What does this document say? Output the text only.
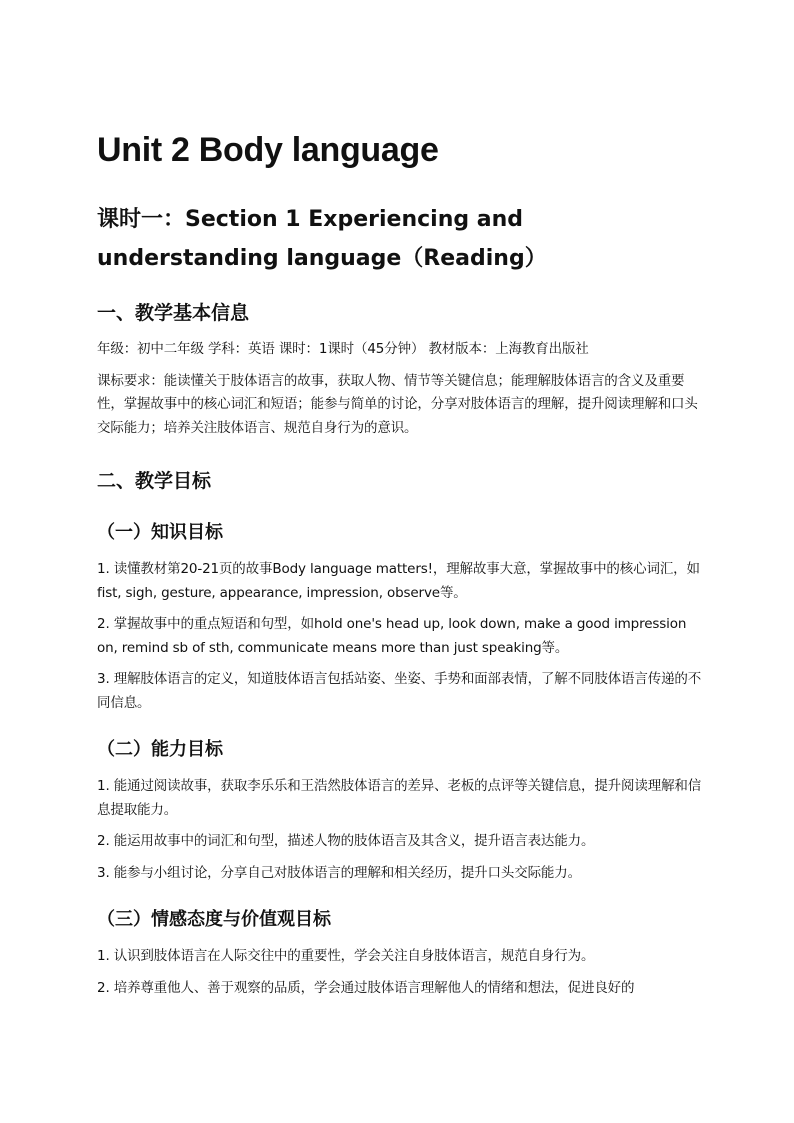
Unit 2 Body language
课时一：Section 1 Experiencing and understanding language（Reading）
一、教学基本信息
年级：初中二年级 学科：英语 课时：1课时（45分钟） 教材版本：上海教育出版社
课标要求：能读懂关于肢体语言的故事，获取人物、情节等关键信息；能理解肢体语言的含义及重要性，掌握故事中的核心词汇和短语；能参与简单的讨论，分享对肢体语言的理解，提升阅读理解和口头交际能力；培养关注肢体语言、规范自身行为的意识。
二、教学目标
（一）知识目标
1. 读懂教材第20-21页的故事Body language matters!，理解故事大意，掌握故事中的核心词汇，如fist, sigh, gesture, appearance, impression, observe等。
2. 掌握故事中的重点短语和句型，如hold one's head up, look down, make a good impression on, remind sb of sth, communicate means more than just speaking等。
3. 理解肢体语言的定义，知道肢体语言包括站姿、坐姿、手势和面部表情，了解不同肢体语言传递的不同信息。
（二）能力目标
1. 能通过阅读故事，获取李乐乐和王浩然肢体语言的差异、老板的点评等关键信息，提升阅读理解和信息提取能力。
2. 能运用故事中的词汇和句型，描述人物的肢体语言及其含义，提升语言表达能力。
3. 能参与小组讨论，分享自己对肢体语言的理解和相关经历，提升口头交际能力。
（三）情感态度与价值观目标
1. 认识到肢体语言在人际交往中的重要性，学会关注自身肢体语言，规范自身行为。
2. 培养尊重他人、善于观察的品质，学会通过肢体语言理解他人的情绪和想法，促进良好的
